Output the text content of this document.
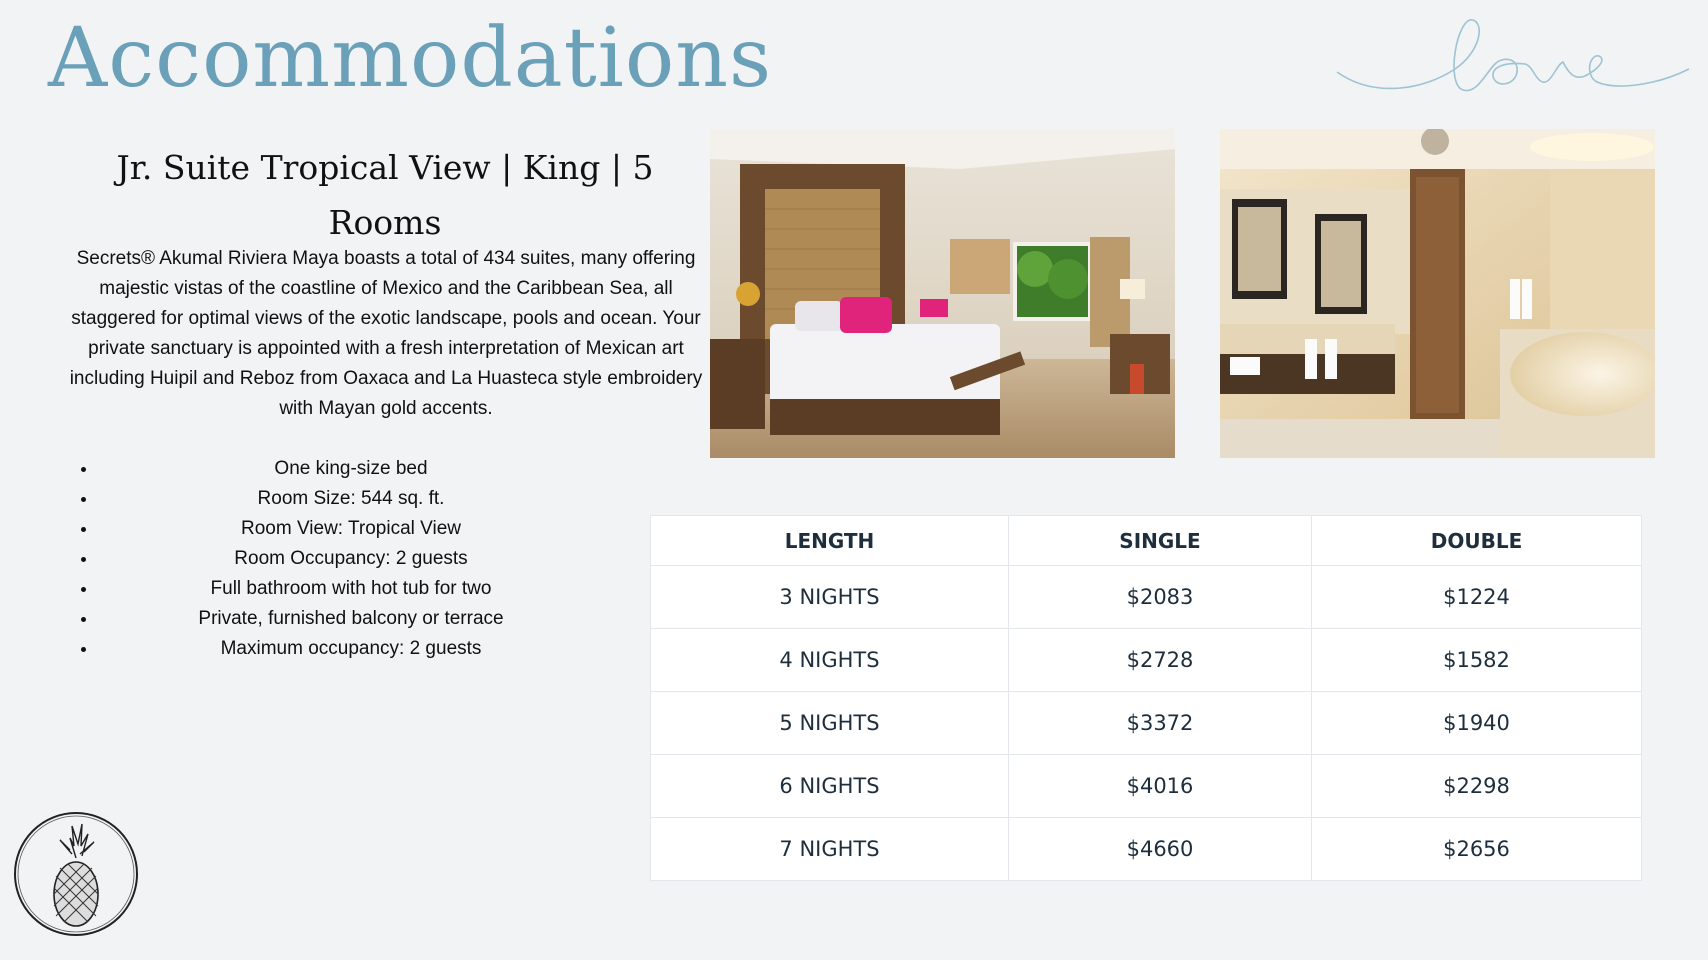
Accommodations
Jr. Suite Tropical View | King | 5 Rooms

Secrets® Akumal Riviera Maya boasts a total of 434 suites, many offering majestic vistas of the coastline of Mexico and the Caribbean Sea, all staggered for optimal views of the exotic landscape, pools and ocean. Your private sanctuary is appointed with a fresh interpretation of Mexican art including Huipil and Reboz from Oaxaca and La Huasteca style embroidery with Mayan gold accents.

One king-size bed
Room Size: 544 sq. ft.
Room View: Tropical View
Room Occupancy: 2 guests
Full bathroom with hot tub for two
Private, furnished balcony or terrace
Maximum occupancy: 2 guests
LENGTH	SINGLE	DOUBLE
3 NIGHTS	$2083	$1224
4 NIGHTS	$2728	$1582
5 NIGHTS	$3372	$1940
6 NIGHTS	$4016	$2298
7 NIGHTS	$4660	$2656
